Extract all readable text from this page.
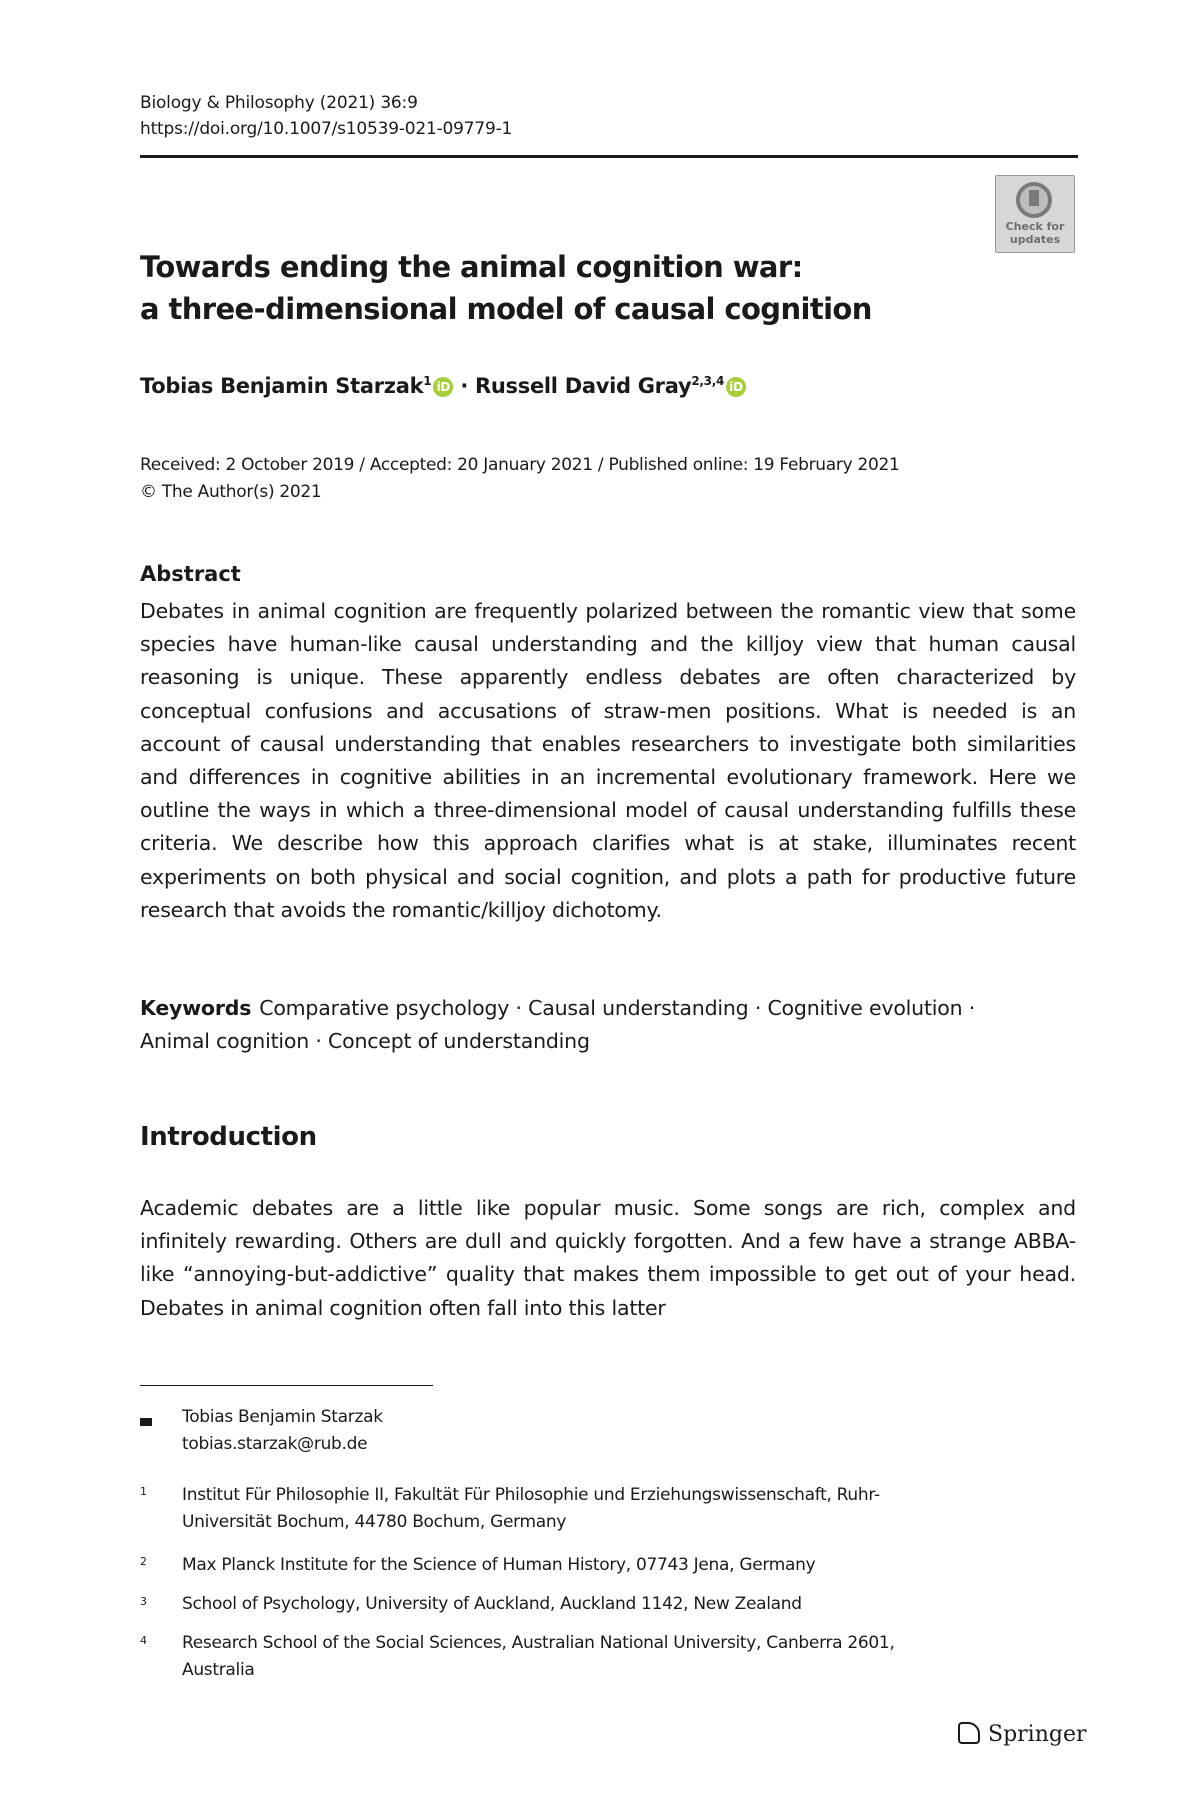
Biology & Philosophy (2021) 36:9
https://doi.org/10.1007/s10539-021-09779-1
Check for
updates
Towards ending the animal cognition war:
a three-dimensional model of causal cognition
Tobias Benjamin Starzak$^1$ iD · Russell David Gray$^{2,3,4}$ iD
Received: 2 October 2019 / Accepted: 20 January 2021 / Published online: 19 February 2021
© The Author(s) 2021
Abstract
Debates in animal cognition are frequently polarized between the romantic view that some species have human-like causal understanding and the killjoy view that human causal reasoning is unique. These apparently endless debates are often characterized by conceptual confusions and accusations of straw-men positions. What is needed is an account of causal understanding that enables researchers to investigate both similarities and differences in cognitive abilities in an incremental evolutionary framework. Here we outline the ways in which a three-dimensional model of causal understanding fulfills these criteria. We describe how this approach clarifies what is at stake, illuminates recent experiments on both physical and social cognition, and plots a path for productive future research that avoids the romantic/killjoy dichotomy.
Keywords Comparative psychology · Causal understanding · Cognitive evolution ·
Animal cognition · Concept of understanding
Introduction
Academic debates are a little like popular music. Some songs are rich, complex and infinitely rewarding. Others are dull and quickly forgotten. And a few have a strange ABBA-like “annoying-but-addictive” quality that makes them impossible to get out of your head. Debates in animal cognition often fall into this latter
Tobias Benjamin Starzak
tobias.starzak@rub.de
1 Institut Für Philosophie II, Fakultät Für Philosophie und Erziehungswissenschaft, Ruhr-
Universität Bochum, 44780 Bochum, Germany
2 Max Planck Institute for the Science of Human History, 07743 Jena, Germany
3 School of Psychology, University of Auckland, Auckland 1142, New Zealand
4 Research School of the Social Sciences, Australian National University, Canberra 2601,
Australia
Springer
